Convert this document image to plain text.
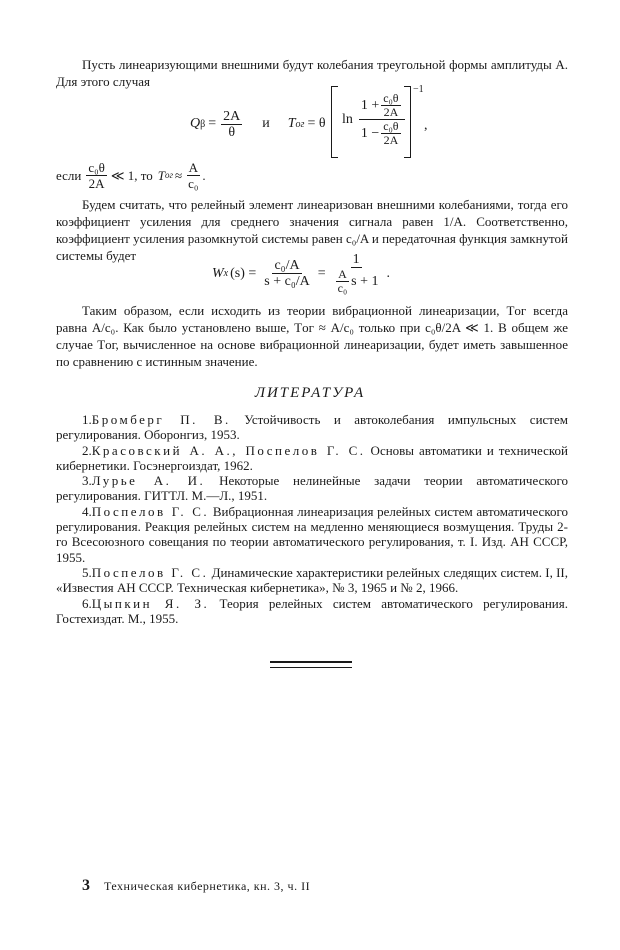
Пусть линеаризующими внешними будут колебания треугольной формы амплитуды A. Для этого случая

Q $\beta = \frac{2A}{\theta}$ и T ог = θ $\ln \frac{1 + \frac{\text{c₀θ}}{2A}}{1 - \frac{\text{c₀θ}}{2A}}$
−1
,
если $\frac{\text{c₀θ}}{2A}$ ≪ 1, то T ог ≈ $\frac{A}{\text{c₀}}$ .

Будем считать, что релейный элемент линеаризован внешними колебаниями, тогда его коэффициент усиления для среднего значения сигнала равен 1/A. Соответственно, коэффициент усиления разомкнутой системы равен c₀/A и передаточная функция замкнутой системы будет

W x $(s) = \frac{\text{c₀/A}}{\text{s + c₀/A}} = \frac{1}{\frac{A}{\text{c₀}} s + 1}$ .

Таким образом, если исходить из теории вибрационной линеаризации, Tог всегда равна A/c₀. Как было установлено выше, Tог ≈ A/c₀ только при c₀θ/2A ≪ 1. В общем же случае Tог, вычисленное на основе вибрационной линеаризации, будет иметь завышенное по сравнению с истинным значение.

ЛИТЕРАТУРА

1.Бромберг П. В. Устойчивость и автоколебания импульсных систем регулирования. Оборонгиз, 1953.

2.Красовский А. А., Поспелов Г. С. Основы автоматики и технической кибернетики. Госэнергоиздат, 1962.

3.Лурье А. И. Некоторые нелинейные задачи теории автоматического регулирования. ГИТТЛ. М.—Л., 1951.

4.Поспелов Г. С. Вибрационная линеаризация релейных систем автоматического регулирования. Реакция релейных систем на медленно меняющиеся возмущения. Труды 2-го Всесоюзного совещания по теории автоматического регулирования, т. I. Изд. АН СССР, 1955.

5.Поспелов Г. С. Динамические характеристики релейных следящих систем. I, II, «Известия АН СССР. Техническая кибернетика», № 3, 1965 и № 2, 1966.

6.Цыпкин Я. З. Теория релейных систем автоматического регулирования. Гостехиздат. М., 1955.

3 Техническая кибернетика, кн. 3, ч. II
